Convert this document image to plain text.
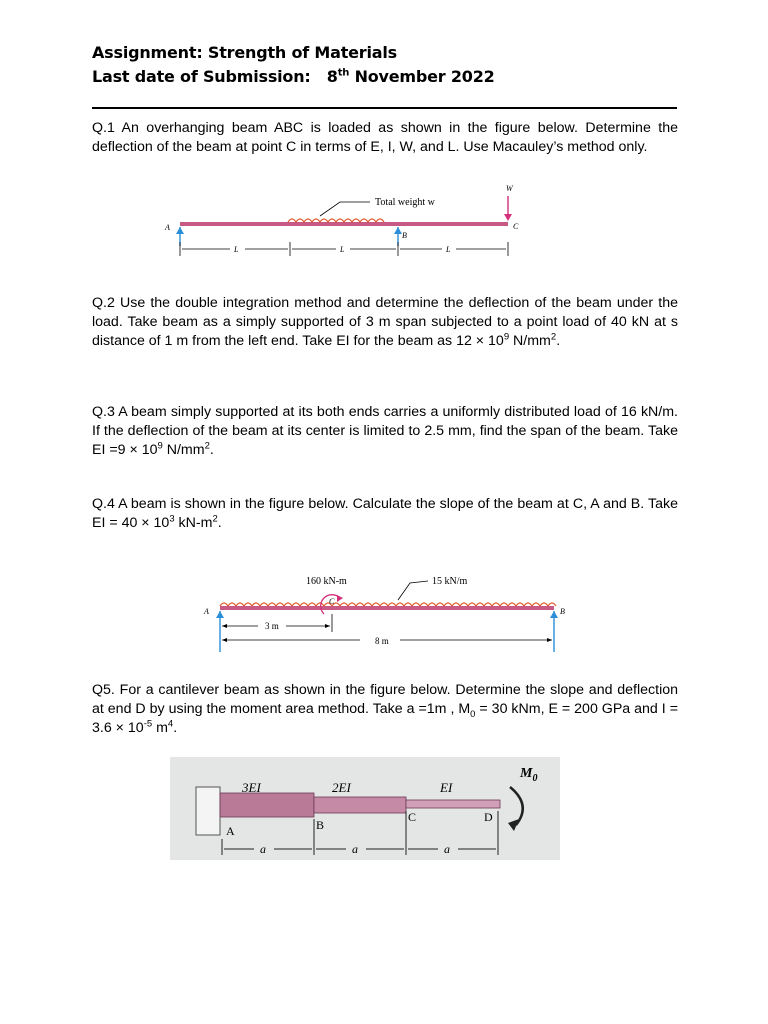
Assignment: Strength of Materials
Last date of Submission: 8th November 2022
Q.1 An overhanging beam ABC is loaded as shown in the figure below. Determine the deflection of the beam at point C in terms of E, I, W, and L. Use Macauley’s method only.
Total weight w
W
A
B
C
L	L	L
Q.2 Use the double integration method and determine the deflection of the beam under the load. Take beam as a simply supported of 3 m span subjected to a point load of 40 kN at s distance of 1 m from the left end. Take EI for the beam as $12 \times 10^9$ $N/mm^2$.
Q.3 A beam simply supported at its both ends carries a uniformly distributed load of 16 kN/m. If the deflection of the beam at its center is limited to 2.5 mm, find the span of the beam. Take EI $=9 \times 10^9$ $N/mm^2$.
Q.4 A beam is shown in the figure below. Calculate the slope of the beam at C, A and B. Take EI = $40 \times 10^3$ $kN-m^2$.
160 kN-m	15 kN/m
C
A	B
3 m
8 m
Q5. For a cantilever beam as shown in the figure below. Determine the slope and deflection at end D by using the moment area method. Take a =1m , $M_0 = 30$ kNm, E = 200 GPa and $I = 3.6 \times 10^{-5}$ $m^4$.
3EI	2EI	EI
$M_0$
A	B
C	D
a	a	a
